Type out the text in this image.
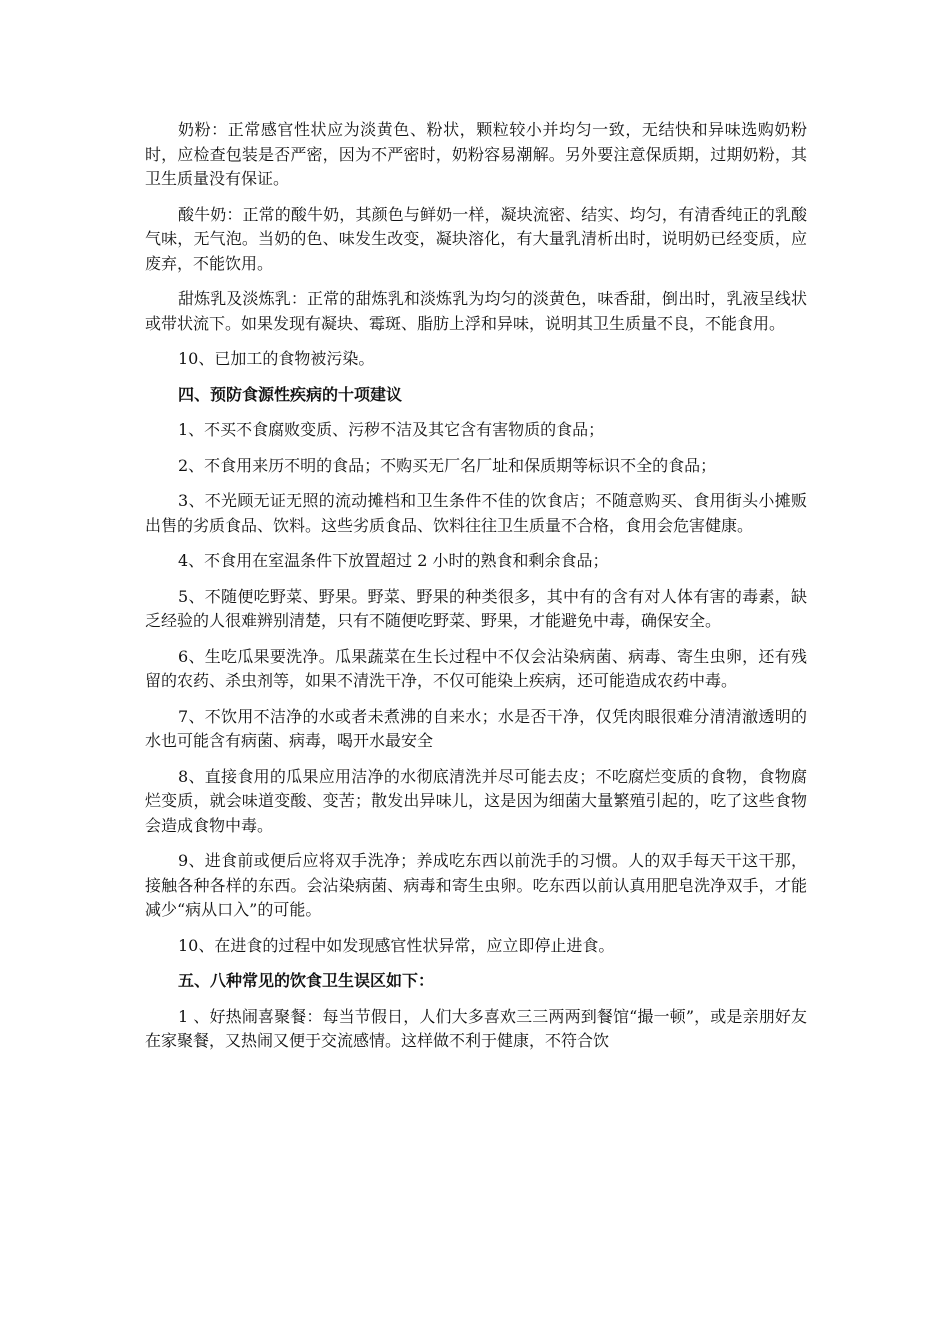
奶粉：正常感官性状应为淡黄色、粉状，颗粒较小并均匀一致，无结快和异味选购奶粉时，应检查包装是否严密，因为不严密时，奶粉容易潮解。另外要注意保质期，过期奶粉，其卫生质量没有保证。

酸牛奶：正常的酸牛奶，其颜色与鲜奶一样，凝块流密、结实、均匀，有清香纯正的乳酸气味，无气泡。当奶的色、味发生改变，凝块溶化，有大量乳清析出时，说明奶已经变质，应废弃，不能饮用。

甜炼乳及淡炼乳：正常的甜炼乳和淡炼乳为均匀的淡黄色，味香甜，倒出时，乳液呈线状或带状流下。如果发现有凝块、霉斑、脂肪上浮和异味，说明其卫生质量不良，不能食用。

10、已加工的食物被污染。

四、预防食源性疾病的十项建议

1、不买不食腐败变质、污秽不洁及其它含有害物质的食品；

2、不食用来历不明的食品；不购买无厂名厂址和保质期等标识不全的食品；

3、不光顾无证无照的流动摊档和卫生条件不佳的饮食店；不随意购买、食用街头小摊贩出售的劣质食品、饮料。这些劣质食品、饮料往往卫生质量不合格，食用会危害健康。

4、不食用在室温条件下放置超过 2 小时的熟食和剩余食品；

5、不随便吃野菜、野果。野菜、野果的种类很多，其中有的含有对人体有害的毒素，缺乏经验的人很难辨别清楚，只有不随便吃野菜、野果，才能避免中毒，确保安全。

6、生吃瓜果要洗净。瓜果蔬菜在生长过程中不仅会沾染病菌、病毒、寄生虫卵，还有残留的农药、杀虫剂等，如果不清洗干净，不仅可能染上疾病，还可能造成农药中毒。

7、不饮用不洁净的水或者未煮沸的自来水；水是否干净，仅凭肉眼很难分清清澈透明的水也可能含有病菌、病毒，喝开水最安全

8、直接食用的瓜果应用洁净的水彻底清洗并尽可能去皮；不吃腐烂变质的食物，食物腐烂变质，就会味道变酸、变苦；散发出异味儿，这是因为细菌大量繁殖引起的，吃了这些食物会造成食物中毒。

9、进食前或便后应将双手洗净；养成吃东西以前洗手的习惯。人的双手每天干这干那，接触各种各样的东西。会沾染病菌、病毒和寄生虫卵。吃东西以前认真用肥皂洗净双手，才能减少“病从口入”的可能。

10、在进食的过程中如发现感官性状异常，应立即停止进食。

五、八种常见的饮食卫生误区如下：

1 、好热闹喜聚餐：每当节假日，人们大多喜欢三三两两到餐馆“撮一顿”，或是亲朋好友在家聚餐，又热闹又便于交流感情。这样做不利于健康，不符合饮
